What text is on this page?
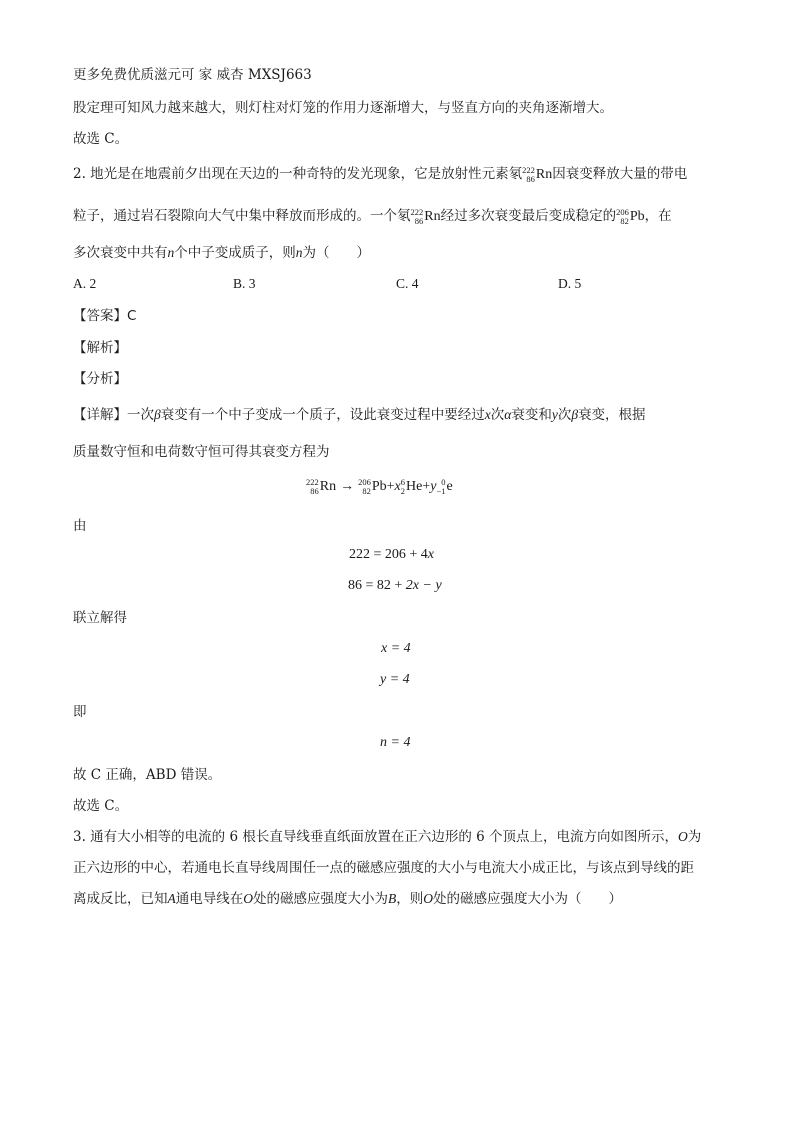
更多免费优质滋元可 家 威杏 MXSJ663
股定理可知风力越来越大，则灯柱对灯笼的作用力逐渐增大，与竖直方向的夹角逐渐增大。
故选 C。
2. 地光是在地震前夕出现在天边的一种奇特的发光现象，它是放射性元素氡 222
86 Rn 因衰变释放大量的带电
粒子，通过岩石裂隙向大气中集中释放而形成的。一个氡 222
86 Rn 经过多次衰变最后变成稳定的 206
82 Pb ，在
多次衰变中共有n个中子变成质子，则n为（　　）
A. 2	B. 3	C. 4	D. 5
【答案】C
【解析】
【分析】
【详解】一次β衰变有一个中子变成一个质子，设此衰变过程中要经过x次α衰变和y次β衰变，根据
质量数守恒和电荷数守恒可得其衰变方程为
222
86 Rn → 206
82 Pb + x 6
2 He + y 0
−1 e
由
222 = 206 + 4x
86 = 82 + 2x − y
联立解得
x = 4
y = 4
即
n = 4
故 C 正确，ABD 错误。
故选 C。
3. 通有大小相等的电流的 6 根长直导线垂直纸面放置在正六边形的 6 个顶点上，电流方向如图所示，O为
正六边形的中心，若通电长直导线周围任一点的磁感应强度的大小与电流大小成正比，与该点到导线的距
离成反比，已知A通电导线在O处的磁感应强度大小为B，则O处的磁感应强度大小为（　　）
